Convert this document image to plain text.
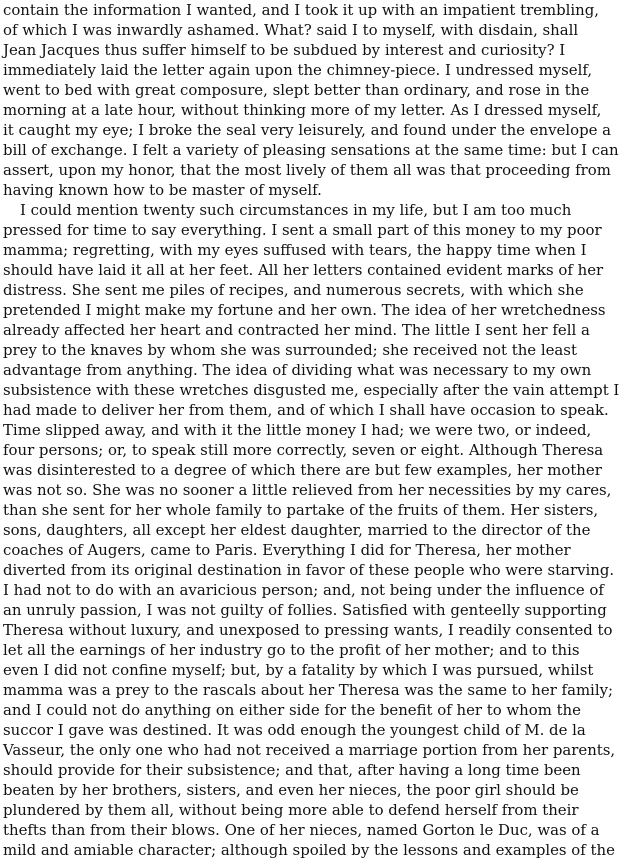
contain the information I wanted, and I took it up with an impatient trembling,
of which I was inwardly ashamed. What? said I to myself, with disdain, shall
Jean Jacques thus suffer himself to be subdued by interest and curiosity? I
immediately laid the letter again upon the chimney-piece. I undressed myself,
went to bed with great composure, slept better than ordinary, and rose in the
morning at a late hour, without thinking more of my letter. As I dressed myself,
it caught my eye; I broke the seal very leisurely, and found under the envelope a
bill of exchange. I felt a variety of pleasing sensations at the same time: but I can
assert, upon my honor, that the most lively of them all was that proceeding from
having known how to be master of myself.
I could mention twenty such circumstances in my life, but I am too much
pressed for time to say everything. I sent a small part of this money to my poor
mamma; regretting, with my eyes suffused with tears, the happy time when I
should have laid it all at her feet. All her letters contained evident marks of her
distress. She sent me piles of recipes, and numerous secrets, with which she
pretended I might make my fortune and her own. The idea of her wretchedness
already affected her heart and contracted her mind. The little I sent her fell a
prey to the knaves by whom she was surrounded; she received not the least
advantage from anything. The idea of dividing what was necessary to my own
subsistence with these wretches disgusted me, especially after the vain attempt I
had made to deliver her from them, and of which I shall have occasion to speak.
Time slipped away, and with it the little money I had; we were two, or indeed,
four persons; or, to speak still more correctly, seven or eight. Although Theresa
was disinterested to a degree of which there are but few examples, her mother
was not so. She was no sooner a little relieved from her necessities by my cares,
than she sent for her whole family to partake of the fruits of them. Her sisters,
sons, daughters, all except her eldest daughter, married to the director of the
coaches of Augers, came to Paris. Everything I did for Theresa, her mother
diverted from its original destination in favor of these people who were starving.
I had not to do with an avaricious person; and, not being under the influence of
an unruly passion, I was not guilty of follies. Satisfied with genteelly supporting
Theresa without luxury, and unexposed to pressing wants, I readily consented to
let all the earnings of her industry go to the profit of her mother; and to this
even I did not confine myself; but, by a fatality by which I was pursued, whilst
mamma was a prey to the rascals about her Theresa was the same to her family;
and I could not do anything on either side for the benefit of her to whom the
succor I gave was destined. It was odd enough the youngest child of M. de la
Vasseur, the only one who had not received a marriage portion from her parents,
should provide for their subsistence; and that, after having a long time been
beaten by her brothers, sisters, and even her nieces, the poor girl should be
plundered by them all, without being more able to defend herself from their
thefts than from their blows. One of her nieces, named Gorton le Duc, was of a
mild and amiable character; although spoiled by the lessons and examples of the
